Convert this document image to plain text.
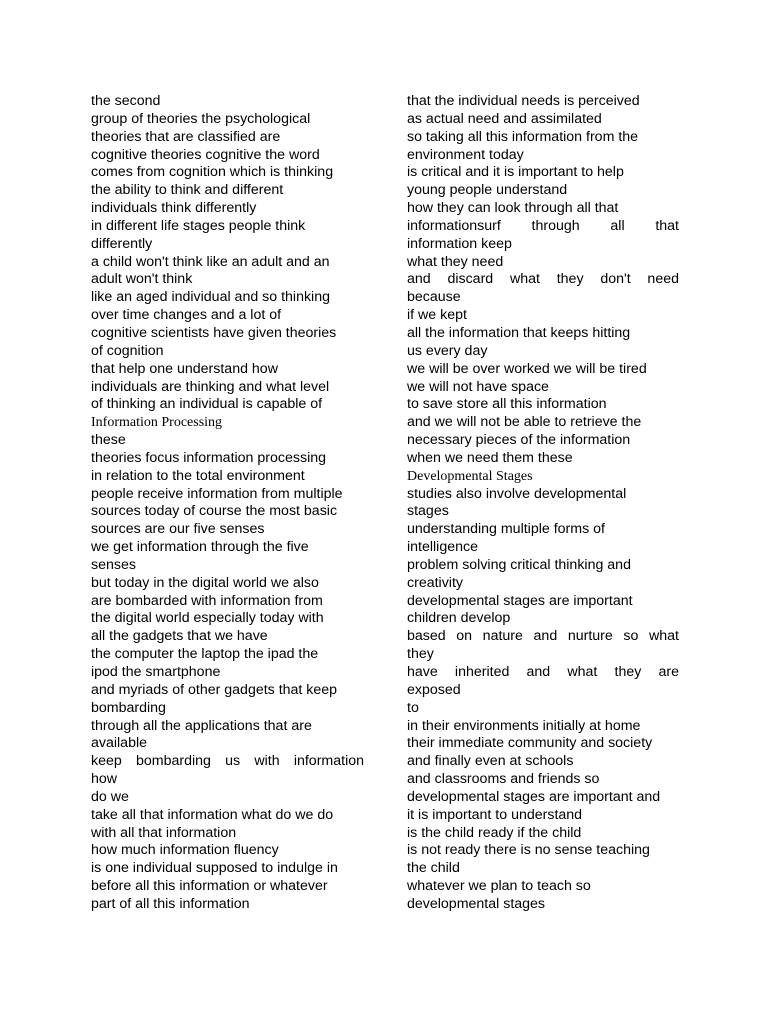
the second
group of theories the psychological
theories that are classified are
cognitive theories cognitive the word
comes from cognition which is thinking
the ability to think and different
individuals think differently
in different life stages people think
differently
a child won't think like an adult and an
adult won't think
like an aged individual and so thinking
over time changes and a lot of
cognitive scientists have given theories
of cognition
that help one understand how
individuals are thinking and what level
of thinking an individual is capable of
Information Processing
these
theories focus information processing
in relation to the total environment
people receive information from multiple
sources today of course the most basic
sources are our five senses
we get information through the five
senses
but today in the digital world we also
are bombarded with information from
the digital world especially today with
all the gadgets that we have
the computer the laptop the ipad the
ipod the smartphone
and myriads of other gadgets that keep
bombarding
through all the applications that are
available
keep bombarding us with information
how
do we
take all that information what do we do
with all that information
how much information fluency
is one individual supposed to indulge in
before all this information or whatever
part of all this information
that the individual needs is perceived
as actual need and assimilated
so taking all this information from the
environment today
is critical and it is important to help
young people understand
how they can look through all that
informationsurf through all that
information keep
what they need
and discard what they don't need
because
if we kept
all the information that keeps hitting
us every day
we will be over worked we will be tired
we will not have space
to save store all this information
and we will not be able to retrieve the
necessary pieces of the information
when we need them these
Developmental Stages
studies also involve developmental
stages
understanding multiple forms of
intelligence
problem solving critical thinking and
creativity
developmental stages are important
children develop
based on nature and nurture so what
they
have inherited and what they are
exposed
to
in their environments initially at home
their immediate community and society
and finally even at schools
and classrooms and friends so
developmental stages are important and
it is important to understand
is the child ready if the child
is not ready there is no sense teaching
the child
whatever we plan to teach so
developmental stages
